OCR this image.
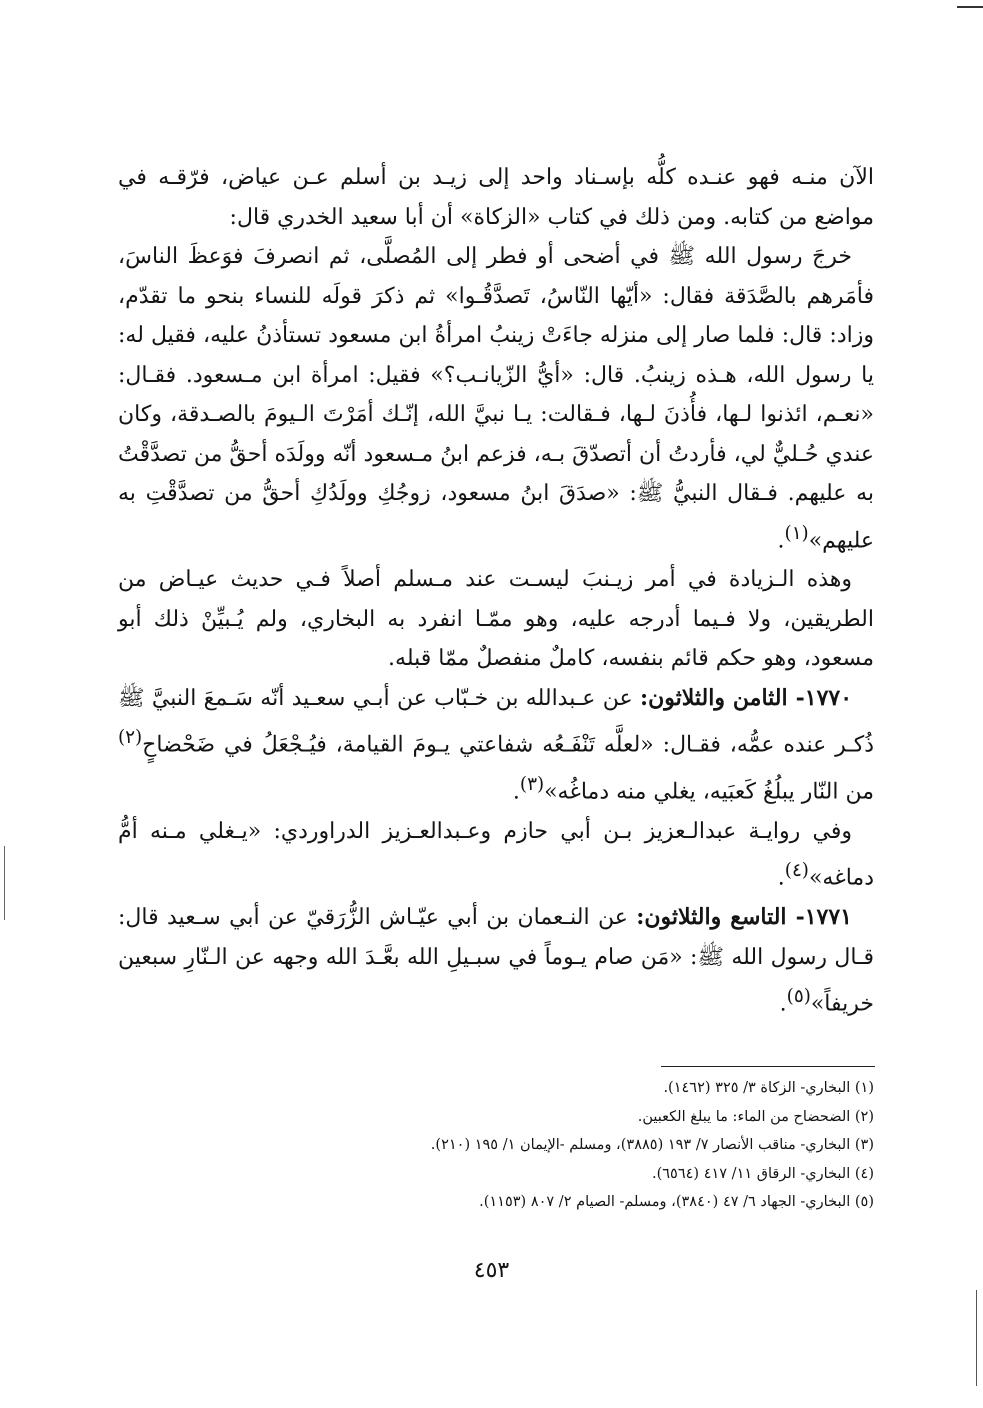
الآن منـه فهو عنـده كلُّه بإسـناد واحد إلى زيـد بن أسلم عـن عياض، فرّقـه في مواضع من كتابه. ومن ذلك في كتاب «الزكاة» أن أبا سعيد الخدري قال:

خرجَ رسول الله ﷺ في أضحى أو فطر إلى المُصلَّى، ثم انصرفَ فوَعظَ الناسَ، فأمَرهم بالصَّدَقة فقال: «أيّها النّاسُ، تَصدَّقُـوا» ثم ذكرَ قولَه للنساء بنحو ما تقدّم، وزاد: قال: فلما صار إلى منزله جاءَتْ زينبُ امرأةُ ابن مسعود تستأذنُ عليه، فقيل له: يا رسول الله، هـذه زينبُ. قال: «أيُّ الزّيانـب؟» فقيل: امرأة ابن مـسعود. فقـال: «نعـم، ائذنوا لـها، فأُذنَ لـها، فـقالت: يـا نبيَّ الله، إنّـك أمَرْتَ الـيومَ بالصـدقة، وكان عندي حُـليٌّ لي، فأردتُ أن أتصدّقَ بـه، فزعم ابنُ مـسعود أنّه وولَدَه أحقُّ من تصدَّقْتُ به عليهم. فـقال النبيُّ ﷺ: «صدَقَ ابنُ مسعود، زوجُكِ وولَدُكِ أحقُّ من تصدَّقْتِ به عليهم»$^{(١)}$.

وهذه الـزيادة في أمر زيـنبَ ليسـت عند مـسلم أصلاً فـي حديث عيـاض من الطريقين، ولا فـيما أدرجه عليه، وهو ممّـا انفرد به البخاري، ولم يُـبيِّنْ ذلك أبو مسعود، وهو حكم قائم بنفسه، كاملٌ منفصلٌ ممّا قبله.

١٧٧٠- الثامن والثلاثون: عن عـبدالله بن خـبّاب عن أبـي سعـيد أنّه سَـمعَ النبيَّ ﷺ ذُكـر عنده عمُّه، فقـال: «لعلَّه تَنْفَـعُه شفاعتي يـومَ القيامة، فيُـجْعَلُ في ضَحْضاحٍ$^{(٢)}$ من النّار يبلُغُ كَعبَيه، يغلي منه دماغُه»$^{(٣)}$.

وفي روايـة عبدالـعزيز بـن أبي حازم وعـبدالعـزيز الدراوردي: «يـغلي مـنه أمُّ دماغه»$^{(٤)}$.

١٧٧١- التاسع والثلاثون: عن النـعمان بن أبي عيّـاش الزُّرَقيّ عن أبي سـعيد قال: قـال رسول الله ﷺ: «مَن صام يـوماً في سبـيلِ الله بعَّـدَ الله وجهه عن الـنّارِ سبعين خريفاً»$^{(٥)}$.

(١) البخاري- الزكاة ٣/ ٣٢٥ (١٤٦٢).

(٢) الضحضاح من الماء: ما يبلغ الكعبين.

(٣) البخاري- مناقب الأنصار ٧/ ١٩٣ (٣٨٨٥)، ومسلم -الإيمان ١/ ١٩٥ (٢١٠).

(٤) البخاري- الرقاق ١١/ ٤١٧ (٦٥٦٤).

(٥) البخاري- الجهاد ٦/ ٤٧ (٣٨٤٠)، ومسلم- الصيام ٢/ ٨٠٧ (١١٥٣).

٤٥٣
